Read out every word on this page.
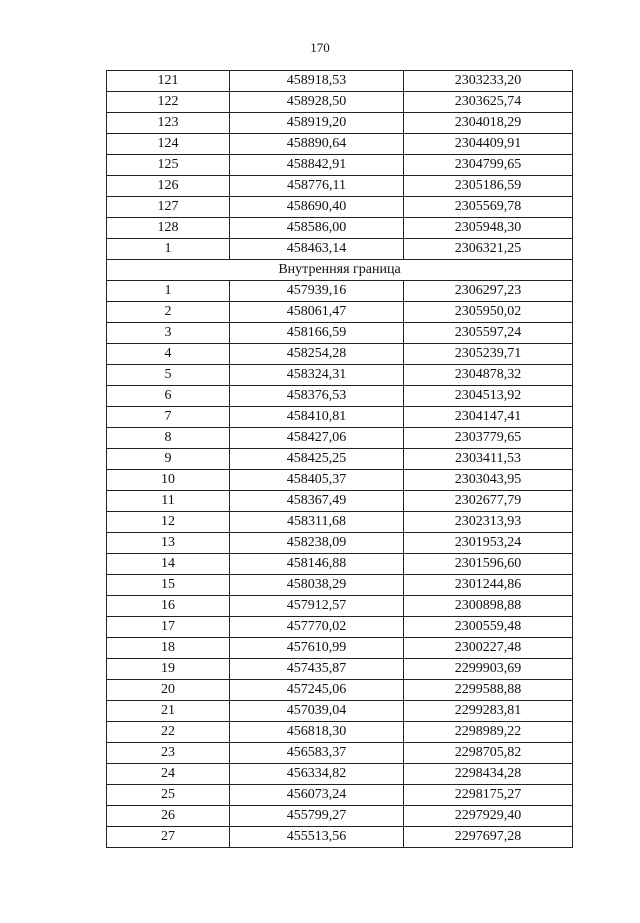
170
121	458918,53	2303233,20
122	458928,50	2303625,74
123	458919,20	2304018,29
124	458890,64	2304409,91
125	458842,91	2304799,65
126	458776,11	2305186,59
127	458690,40	2305569,78
128	458586,00	2305948,30
1	458463,14	2306321,25
Внутренняя граница		
1	457939,16	2306297,23
2	458061,47	2305950,02
3	458166,59	2305597,24
4	458254,28	2305239,71
5	458324,31	2304878,32
6	458376,53	2304513,92
7	458410,81	2304147,41
8	458427,06	2303779,65
9	458425,25	2303411,53
10	458405,37	2303043,95
11	458367,49	2302677,79
12	458311,68	2302313,93
13	458238,09	2301953,24
14	458146,88	2301596,60
15	458038,29	2301244,86
16	457912,57	2300898,88
17	457770,02	2300559,48
18	457610,99	2300227,48
19	457435,87	2299903,69
20	457245,06	2299588,88
21	457039,04	2299283,81
22	456818,30	2298989,22
23	456583,37	2298705,82
24	456334,82	2298434,28
25	456073,24	2298175,27
26	455799,27	2297929,40
27	455513,56	2297697,28
